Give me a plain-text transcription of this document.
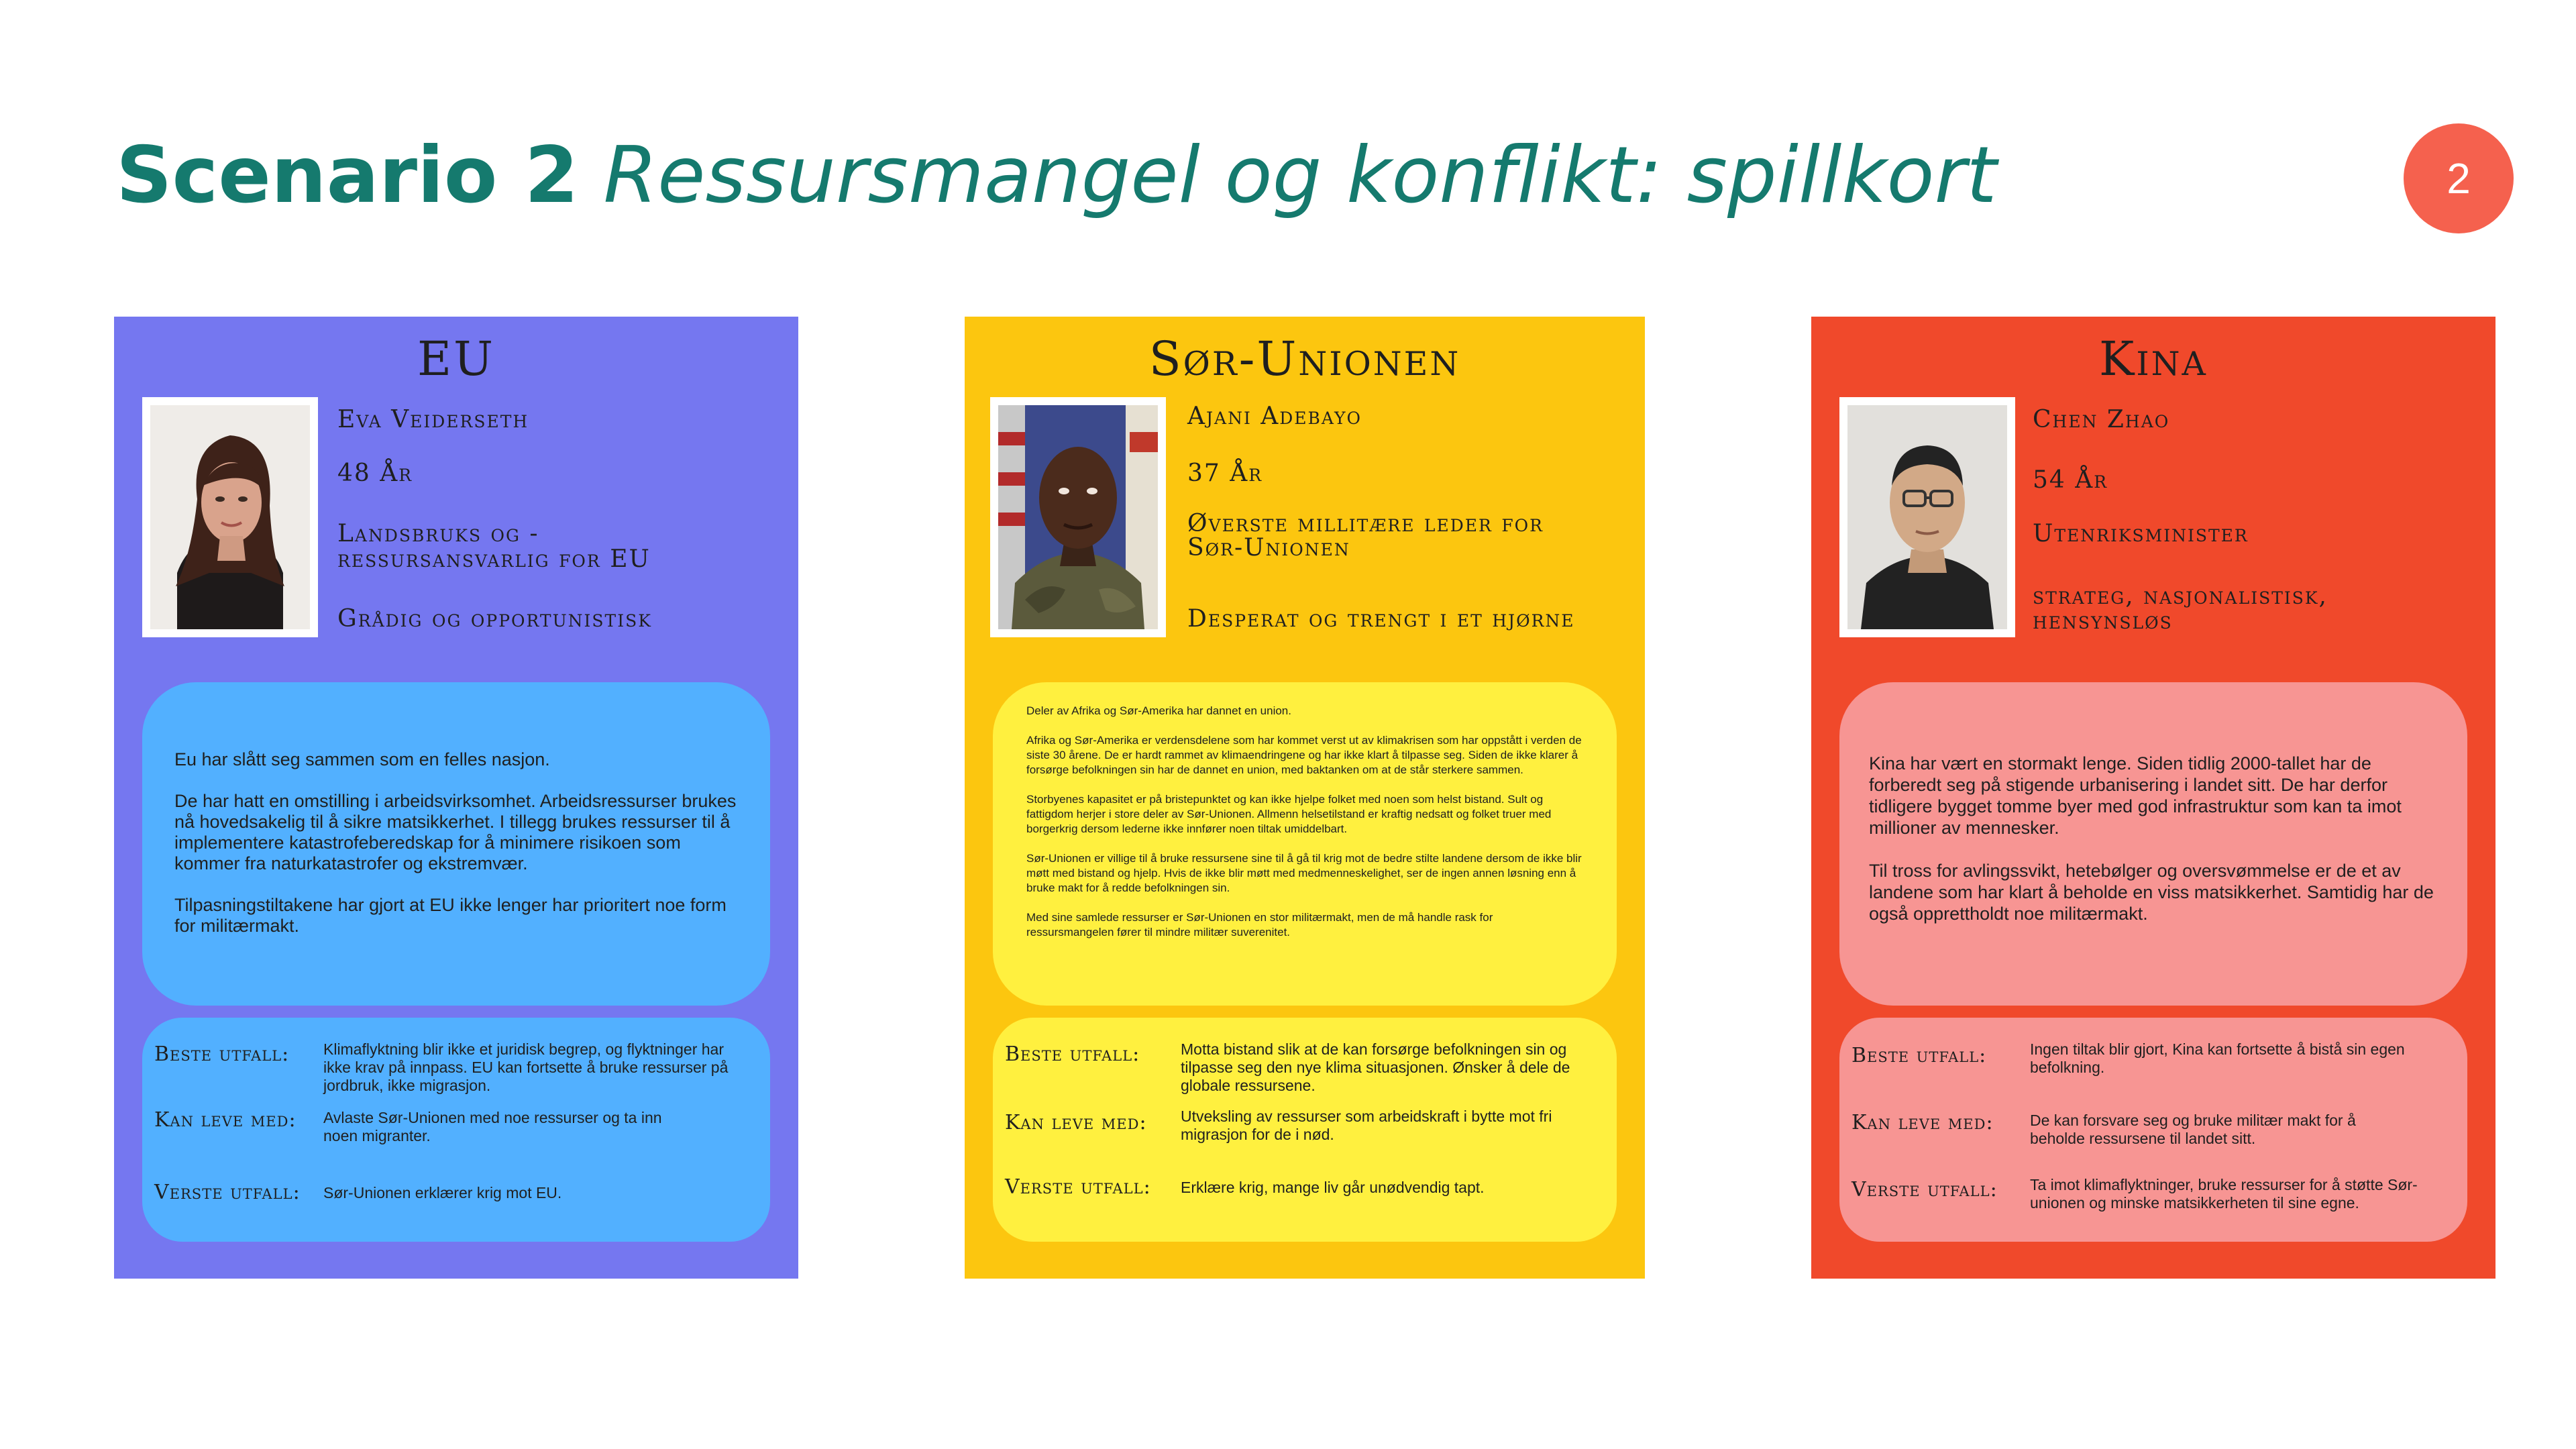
Scenario 2 Ressursmangel og konflikt: spillkort	2
EU
Eva Veiderseth
48 År
Landsbruks og -
ressursansvarlig for EU
Grådig og opportunistisk

Eu har slått seg sammen som en felles nasjon.

De har hatt en omstilling i arbeidsvirksomhet. Arbeidsressurser brukes nå hovedsakelig til å sikre matsikkerhet. I tillegg brukes ressurser til å implementere katastrofeberedskap for å minimere risikoen som kommer fra naturkatastrofer og ekstremvær.

Tilpasningstiltakene har gjort at EU ikke lenger har prioritert noe form for militærmakt.

Beste utfall: Klimaflyktning blir ikke et juridisk begrep, og flyktninger har ikke krav på innpass. EU kan fortsette å bruke ressurser på jordbruk, ikke migrasjon.
Kan leve med: Avlaste Sør-Unionen med noe ressurser og ta inn noen migranter.
Verste utfall: Sør-Unionen erklærer krig mot EU.
Sør-Unionen
Ajani Adebayo
37 År
Øverste millitære leder for
Sør-Unionen
Desperat og trengt i et hjørne

Deler av Afrika og Sør-Amerika har dannet en union.

Afrika og Sør-Amerika er verdensdelene som har kommet verst ut av klimakrisen som har oppstått i verden de siste 30 årene. De er hardt rammet av klimaendringene og har ikke klart å tilpasse seg. Siden de ikke klarer å forsørge befolkningen sin har de dannet en union, med baktanken om at de står sterkere sammen.

Storbyenes kapasitet er på bristepunktet og kan ikke hjelpe folket med noen som helst bistand. Sult og fattigdom herjer i store deler av Sør-Unionen. Allmenn helsetilstand er kraftig nedsatt og folket truer med borgerkrig dersom lederne ikke innfører noen tiltak umiddelbart.

Sør-Unionen er villige til å bruke ressursene sine til å gå til krig mot de bedre stilte landene dersom de ikke blir møtt med bistand og hjelp. Hvis de ikke blir møtt med medmenneskelighet, ser de ingen annen løsning enn å bruke makt for å redde befolkningen sin.

Med sine samlede ressurser er Sør-Unionen en stor militærmakt, men de må handle rask for ressursmangelen fører til mindre militær suverenitet.

Beste utfall:	Motta bistand slik at de kan forsørge befolkningen sin og tilpasse seg den nye klima situasjonen. Ønsker å dele de globale ressursene.
Kan leve med: Utveksling av ressurser som arbeidskraft i bytte mot fri migrasjon for de i nød.
Verste utfall: Erklære krig, mange liv går unødvendig tapt.
Kina
Chen Zhao
54 År
Utenriksminister
strateg, nasjonalistisk,
hensynsløs

Kina har vært en stormakt lenge. Siden tidlig 2000-tallet har de forberedt seg på stigende urbanisering i landet sitt. De har derfor tidligere bygget tomme byer med god infrastruktur som kan ta imot millioner av mennesker.

Til tross for avlingssvikt, hetebølger og oversvømmelse er de et av landene som har klart å beholde en viss matsikkerhet. Samtidig har de også opprettholdt noe militærmakt.

Beste utfall:	Ingen tiltak blir gjort, Kina kan fortsette å bistå sin egen befolkning.
Kan leve med: De kan forsvare seg og bruke militær makt for å beholde ressursene til landet sitt.
Verste utfall: Ta imot klimaflyktninger, bruke ressurser for å støtte Sør-unionen og minske matsikkerheten til sine egne.
